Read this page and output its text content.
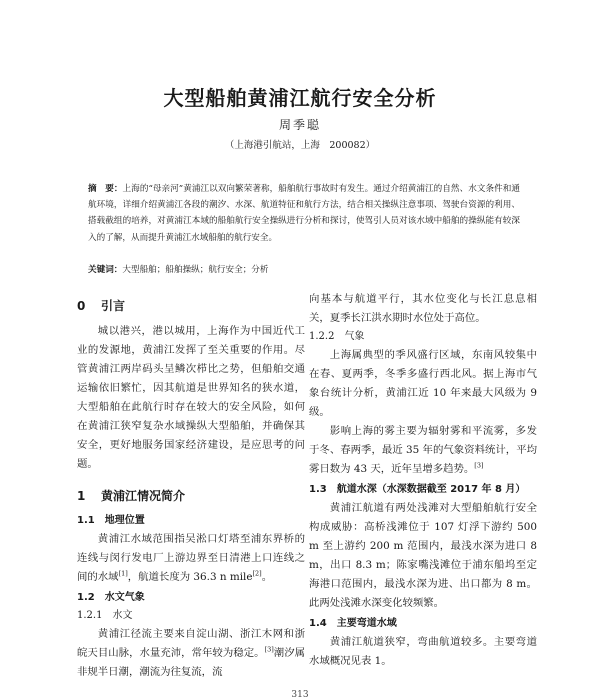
大型船舶黄浦江航行安全分析
周季聪
（上海港引航站，上海　200082）
摘　要：上海的“母亲河”黄浦江以双向繁荣著称，船舶航行事故时有发生。通过介绍黄浦江的自然、水文条件和通航环境，详细介绍黄浦江各段的潮汐、水深、航道特征和航行方法，结合相关操纵注意事项、驾驶台资源的利用、搭载截组的培养，对黄浦江本域的船舶航行安全操纵进行分析和探讨，使驾引人员对该水域中船舶的操纵能有较深入的了解，从而提升黄浦江水域船舶的航行安全。
关键词：大型船舶；船舶操纵；航行安全；分析
0 引言

城以港兴，港以城用，上海作为中国近代工业的发源地，黄浦江发挥了至关重要的作用。尽管黄浦江两岸码头呈鳞次栉比之势，但船舶交通运输依旧繁忙，因其航道是世界知名的狭水道，大型船舶在此航行时存在较大的安全风险，如何在黄浦江狭窄复杂水域操纵大型船舶，并确保其安全，更好地服务国家经济建设，是应思考的问题。

1 黄浦江情况简介
1.1　地理位置

黄浦江水域范围指吴淞口灯塔至浦东界桥的连线与闵行发电厂上游边界至日清港上口连线之间的水域[1]，航道长度为 36.3 n mile[2]。

1.2　水文气象
1.2.1　水文

黄浦江径流主要来自淀山湖、浙江木网和浙皖天目山脉，水量充沛，常年较为稳定。[3]潮汐属非规半日潮，潮流为往复流，流

向基本与航道平行，其水位变化与长江息息相关，夏季长江洪水期时水位处于高位。

1.2.2　气象

上海属典型的季风盛行区域，东南风较集中在春、夏两季，冬季多盛行西北风。据上海市气象台统计分析，黄浦江近 10 年来最大风级为 9 级。

影响上海的雾主要为辐射雾和平流雾，多发于冬、春两季，最近 35 年的气象资料统计，平均雾日数为 43 天，近年呈增多趋势。[3]

1.3　航道水深（水深数据截至 2017 年 8 月）

黄浦江航道有两处浅滩对大型船舶航行安全构成威胁：高桥浅滩位于 107 灯浮下游约 500 m 至上游约 200 m 范围内，最浅水深为进口 8 m，出口 8.3 m；陈家嘴浅滩位于浦东船坞至定海港口范围内，最浅水深为进、出口都为 8 m。此两处浅滩水深变化较频繁。

1.4　主要弯道水域

黄浦江航道狭窄，弯曲航道较多。主要弯道水域概况见表 1。

313
